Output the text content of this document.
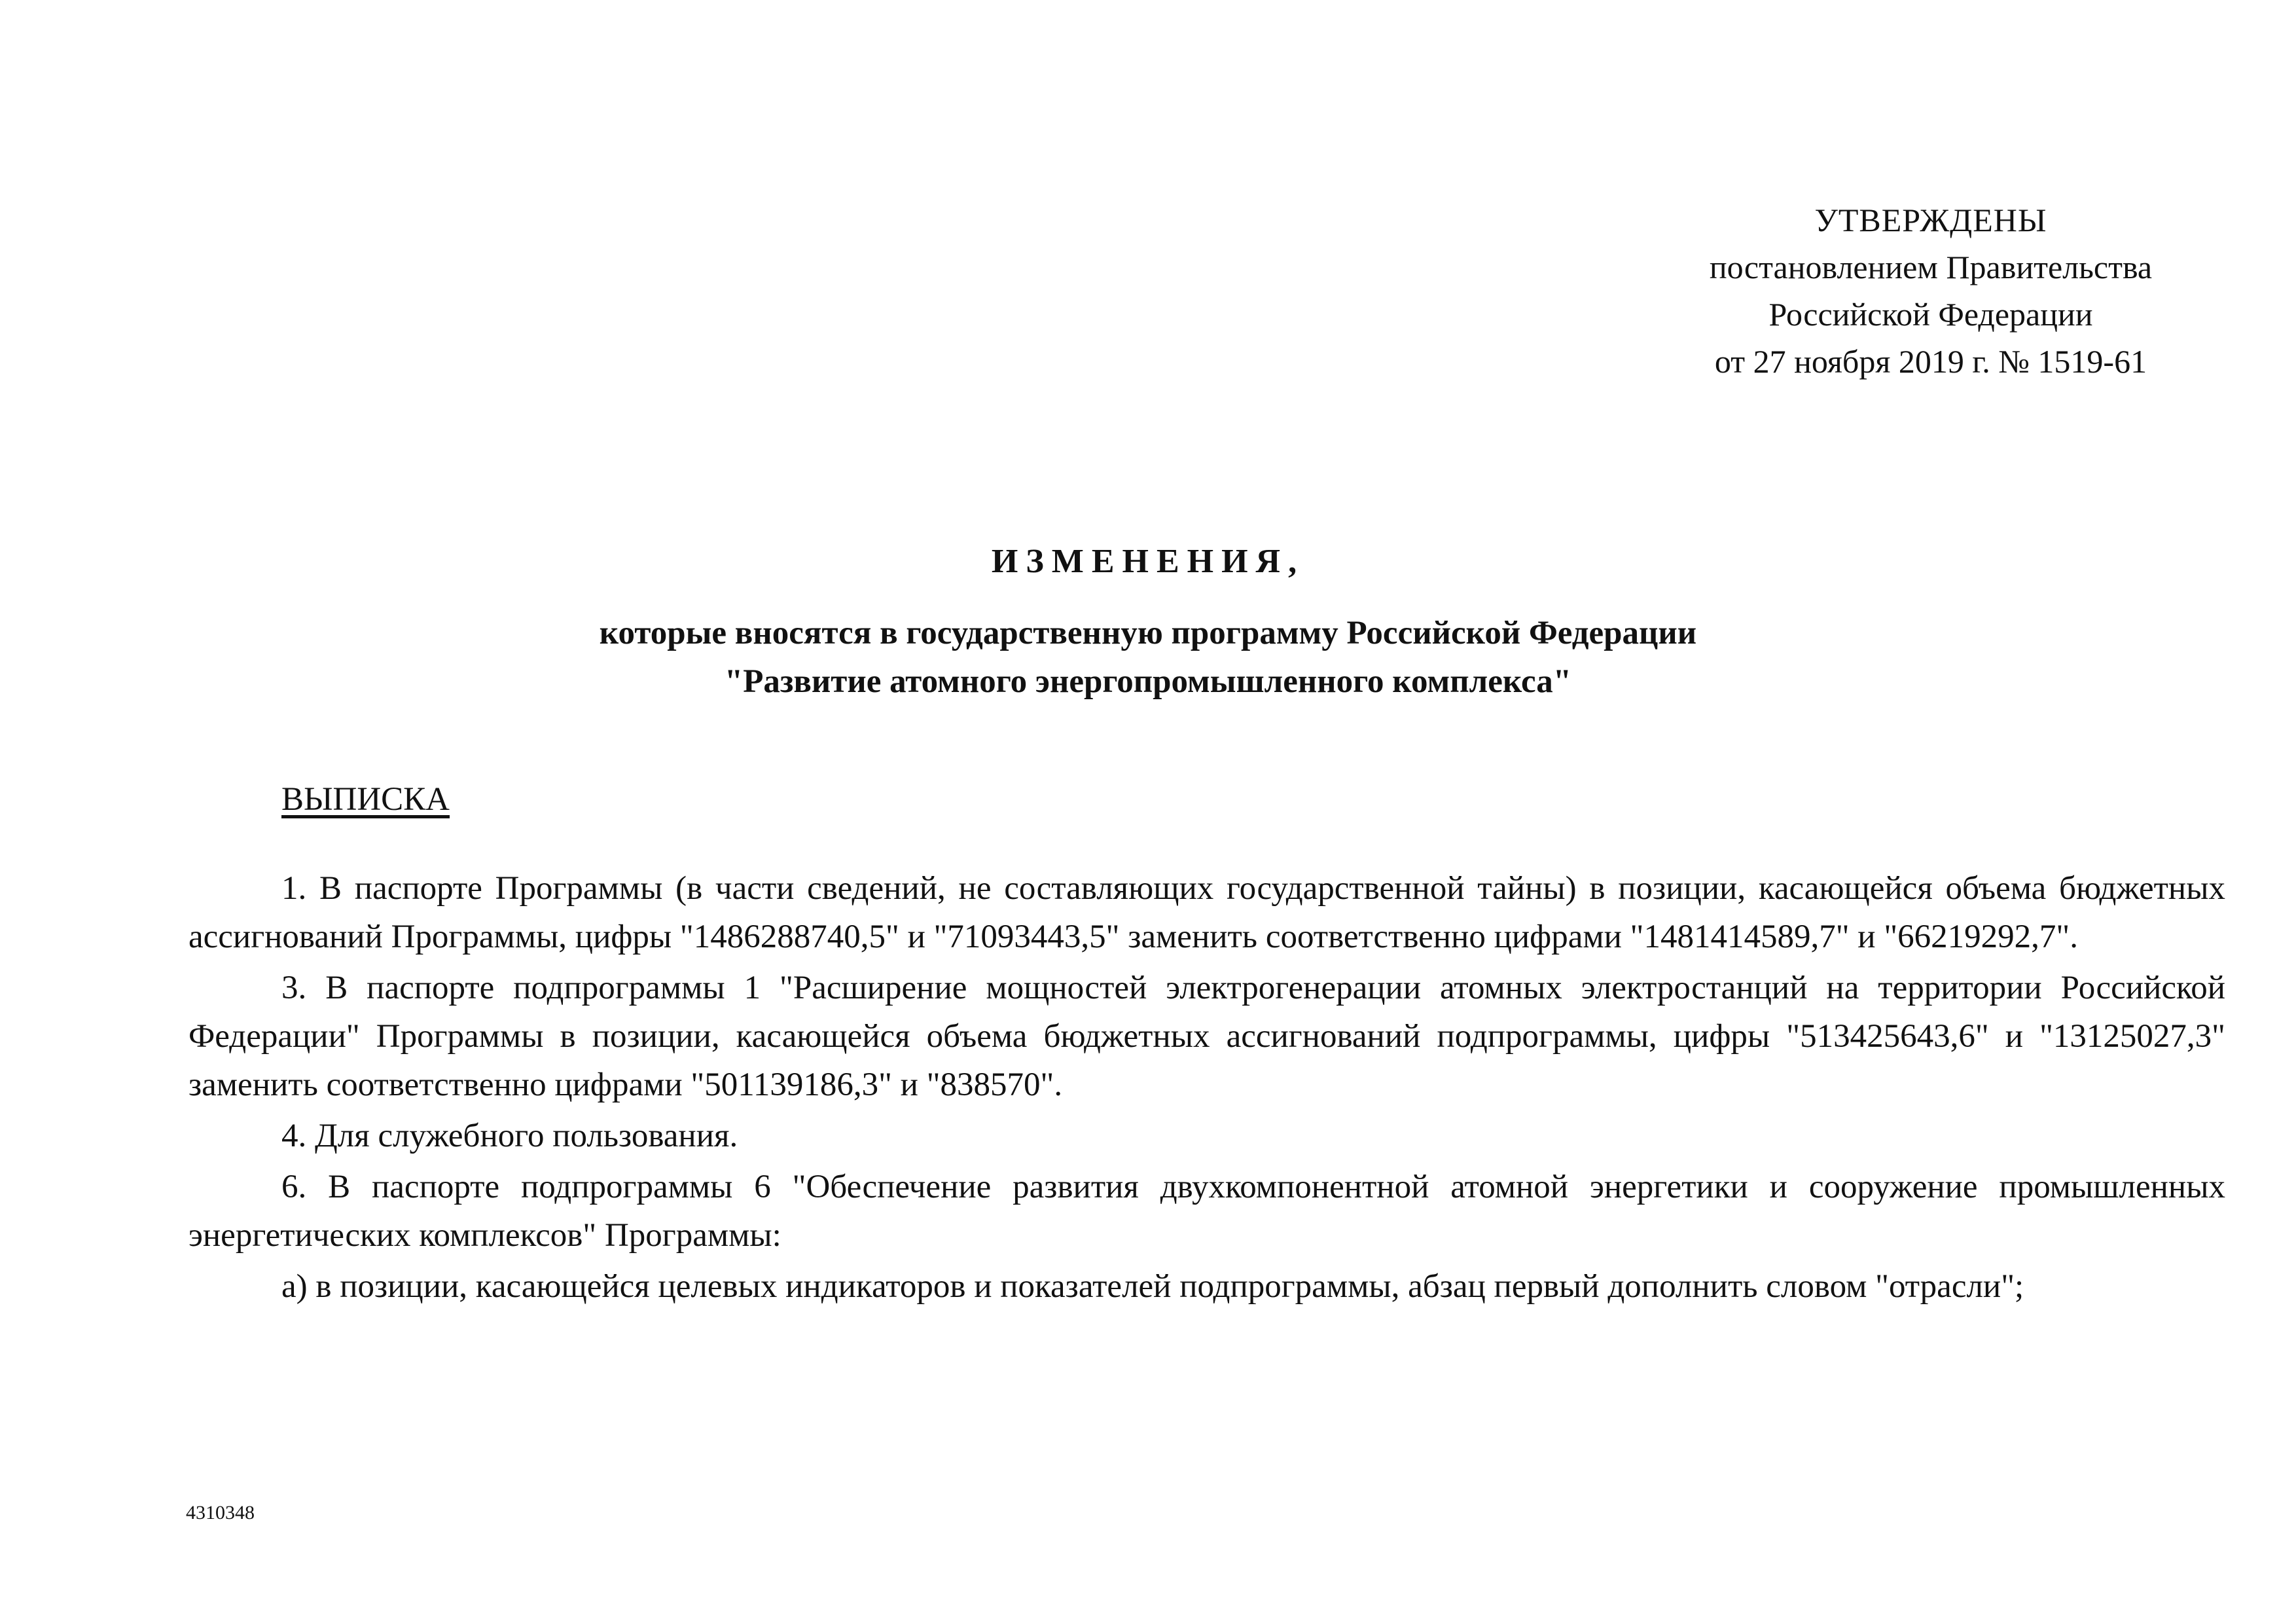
УТВЕРЖДЕНЫ
постановлением Правительства
Российской Федерации
от 27 ноября 2019 г. № 1519-61
ИЗМЕНЕНИЯ,
которые вносятся в государственную программу Российской Федерации
"Развитие атомного энергопромышленного комплекса"
ВЫПИСКА

1. В паспорте Программы (в части сведений, не составляющих государственной тайны) в позиции, касающейся объема бюджетных ассигнований Программы, цифры "1486288740,5" и "71093443,5" заменить соответственно цифрами "1481414589,7" и "66219292,7".

3. В паспорте подпрограммы 1 "Расширение мощностей электрогенерации атомных электростанций на территории Российской Федерации" Программы в позиции, касающейся объема бюджетных ассигнований подпрограммы, цифры "513425643,6" и "13125027,3" заменить соответственно цифрами "501139186,3" и "838570".

4. Для служебного пользования.

6. В паспорте подпрограммы 6 "Обеспечение развития двухкомпонентной атомной энергетики и сооружение промышленных энергетических комплексов" Программы:

а) в позиции, касающейся целевых индикаторов и показателей подпрограммы, абзац первый дополнить словом "отрасли";

4310348
